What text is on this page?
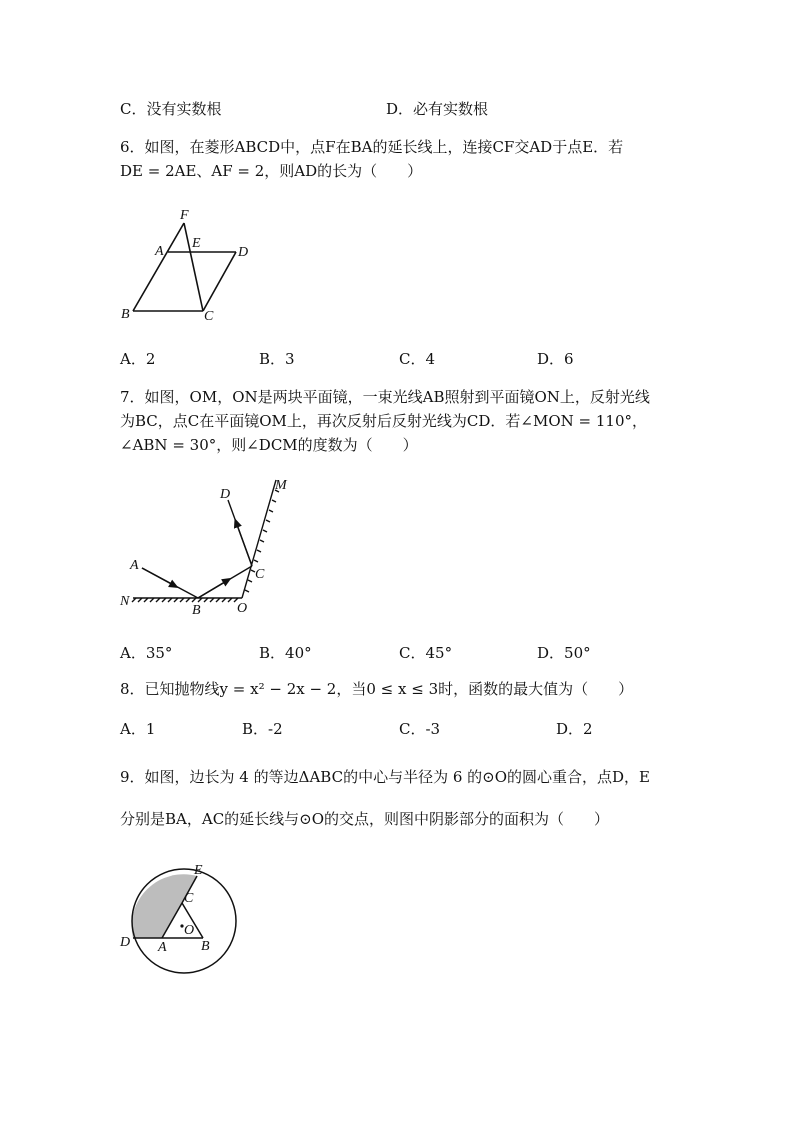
C．没有实数根	D．必有实数根
6．如图，在菱形ABCD中，点F在BA的延长线上，连接CF交AD于点E．若
DE = 2AE、AF = 2，则AD的长为（　　）
F
A
E
D
B	C
A．2	B．3	C．4	D．6
7．如图，OM，ON是两块平面镜，一束光线AB照射到平面镜ON上，反射光线
为BC，点C在平面镜OM上，再次反射后反射光线为CD．若∠MON = 110°，
∠ABN = 30°，则∠DCM的度数为（　　）
D
M
A
C
N
B	O
A．35°	B．40°	C．45°	D．50°
8．已知抛物线y = x² − 2x − 2，当0 ≤ x ≤ 3时，函数的最大值为（　　）
A．1	B．-2	C．-3	D．2
9．如图，边长为 4 的等边ΔABC的中心与半径为 6 的⊙O的圆心重合，点D，E
分别是BA，AC的延长线与⊙O的交点，则图中阴影部分的面积为（　　）
E
C
O
D A B
